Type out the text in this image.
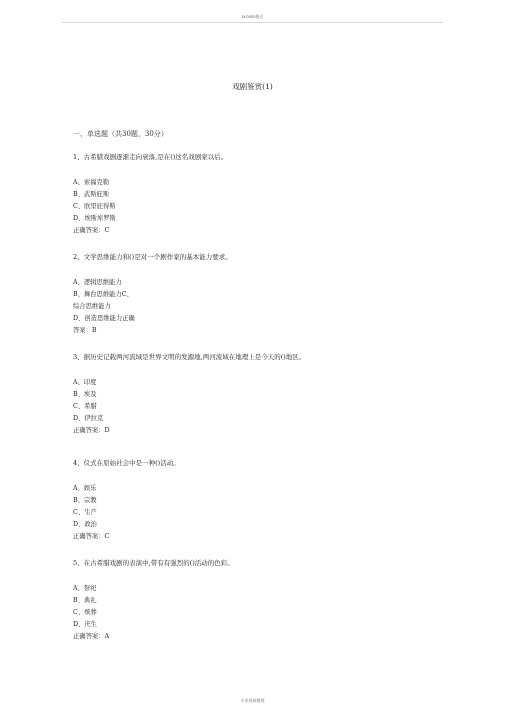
WORD格式
戏剧鉴赏(1)
一、单选题（共30题，30分）
1、古希腊戏剧逐渐走向衰落,是在()这名戏剧家以后。
A、索福克勒
B、武斯庇斯
C、欧里庇得斯
D、埃斯库罗斯
正确答案：C
2、文学思维能力和()是对一个剧作家的基本能力要求。
A、逻辑思维能力
B、舞台思维能力C、
综合思维能力
D、创造思维能力正确
答案：B
3、据历史记载两河流域是世界文明的发源地,两河流域在地理上是今天的()地区。
A、印度
B、埃及
C、希腊
D、伊拉克
正确答案：D
4、仪式在原始社会中是一种()活动。
A、娱乐
B、宗教
C、生产
D、政治
正确答案：C
5、在古希腊戏剧的表演中,带有有强烈的()活动的色彩。
A、祭祀
B、典礼
C、殡葬
D、庆生
正确答案：A
专业资料整理
